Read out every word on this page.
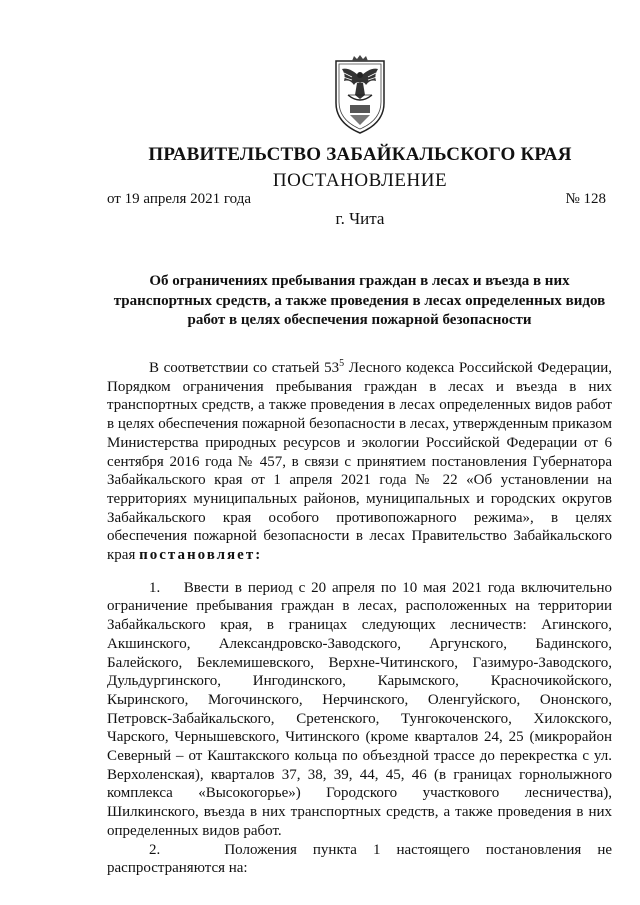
ПРАВИТЕЛЬСТВО ЗАБАЙКАЛЬСКОГО КРАЯ
ПОСТАНОВЛЕНИЕ
от 19 апреля 2021 года	№ 128
г. Чита
Об ограничениях пребывания граждан в лесах и въезда в них транспортных средств, а также проведения в лесах определенных видов работ в целях обеспечения пожарной безопасности

В соответствии со статьей $53^5$ Лесного кодекса Российской Федерации, Порядком ограничения пребывания граждан в лесах и въезда в них транспортных средств, а также проведения в лесах определенных видов работ в целях обеспечения пожарной безопасности в лесах, утвержденным приказом Министерства природных ресурсов и экологии Российской Федерации от 6 сентября 2016 года № 457, в связи с принятием постановления Губернатора Забайкальского края от 1 апреля 2021 года № 22 «Об установлении на территориях муниципальных районов, муниципальных и городских округов Забайкальского края особого противопожарного режима», в целях обеспечения пожарной безопасности в лесах Правительство Забайкальского края постановляет:

1.    Ввести в период с 20 апреля по 10 мая 2021 года включительно ограничение пребывания граждан в лесах, расположенных на территории Забайкальского края, в границах следующих лесничеств: Агинского, Акшинского, Александровско-Заводского, Аргунского, Бадинского, Балейского, Беклемишевского, Верхне-Читинского, Газимуро-Заводского, Дульдургинского, Ингодинского, Карымского, Красночикойского, Кыринского, Могочинского, Нерчинского, Оленгуйского, Ононского, Петровск-Забайкальского, Сретенского, Тунгокоченского, Хилокского, Чарского, Чернышевского, Читинского (кроме кварталов 24, 25 (микрорайон Северный – от Каштакского кольца по объездной трассе до перекрестка с ул. Верхоленская), кварталов 37, 38, 39, 44, 45, 46 (в границах горнолыжного комплекса «Высокогорье») Городского участкового лесничества), Шилкинского, въезда в них транспортных средств, а также проведения в них определенных видов работ.

2.    Положения пункта 1 настоящего постановления не распространяются на:
